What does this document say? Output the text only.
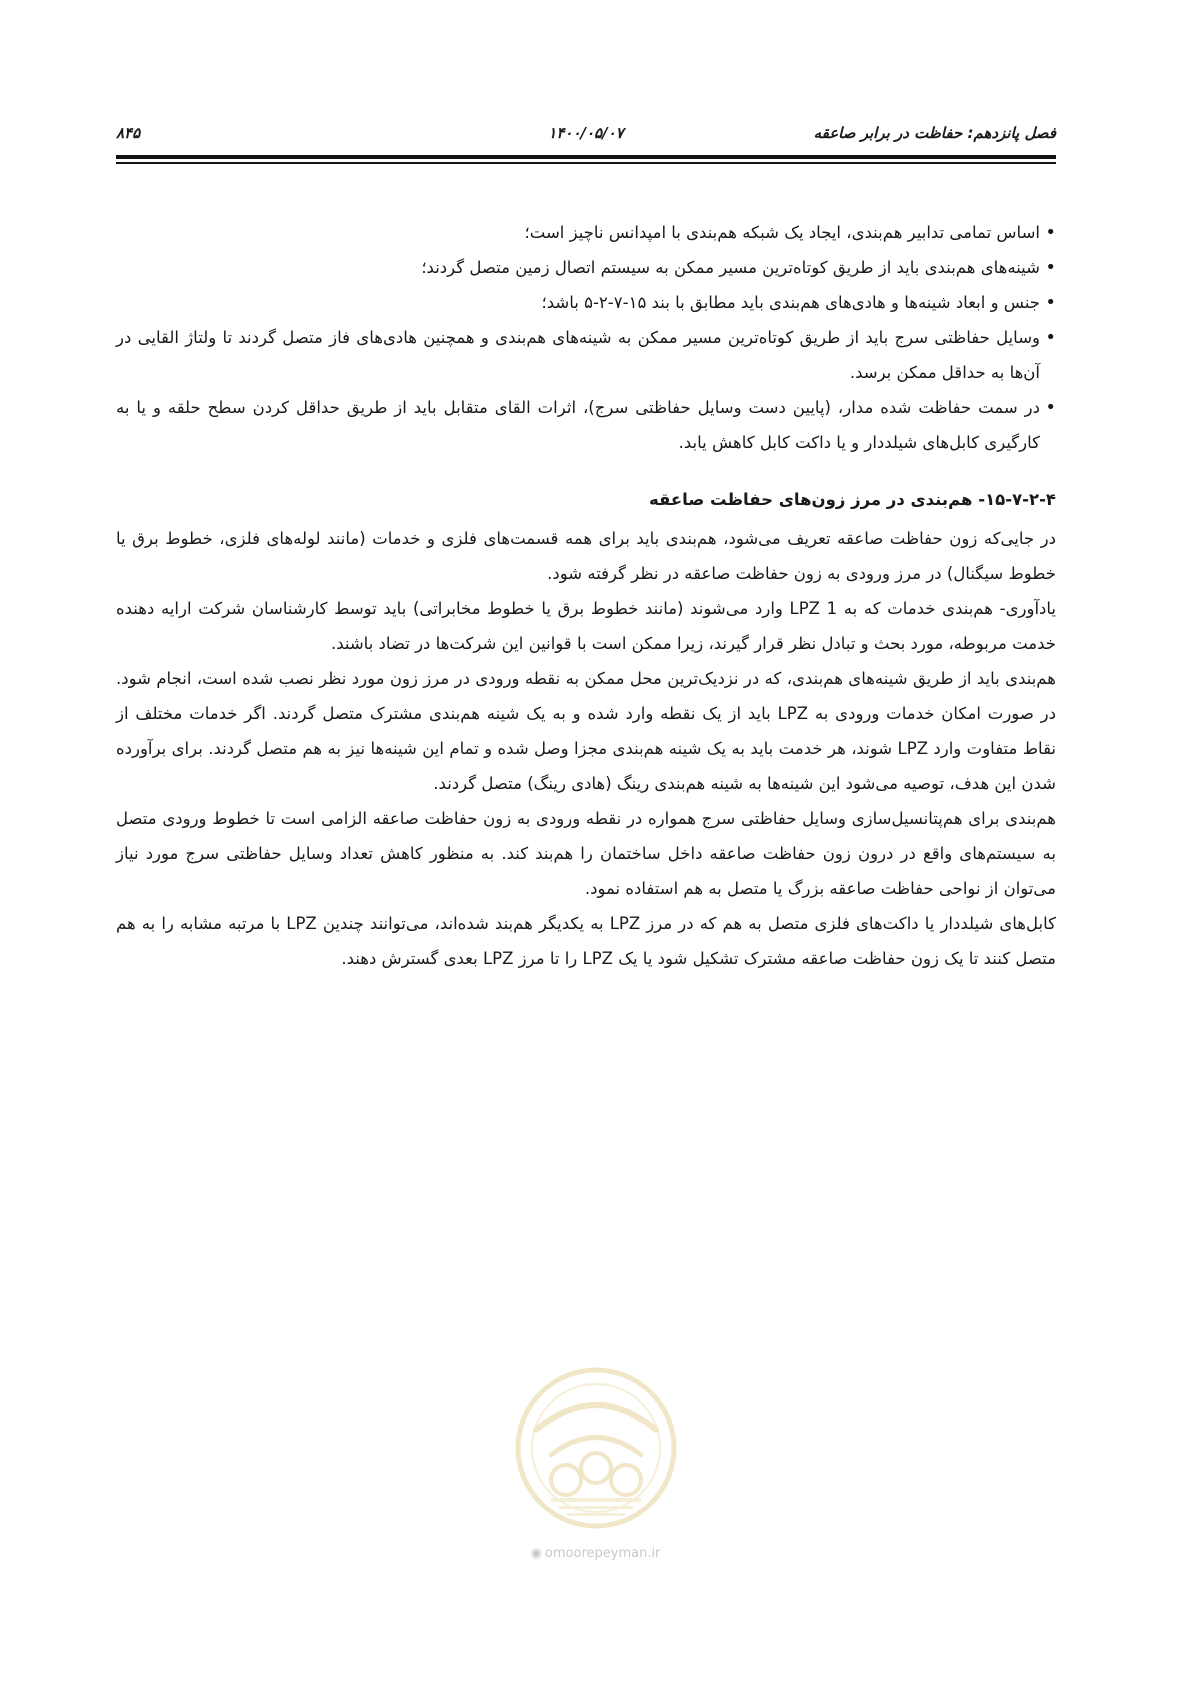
فصل پانزدهم: حفاظت در برابر صاعقه
۱۴۰۰/۰۵/۰۷
۸۴۵
• اساس تمامی تدابیر هم‌بندی، ایجاد یک شبکه هم‌بندی با امپدانس ناچیز است؛
• شینه‌های هم‌بندی باید از طریق کوتاه‌ترین مسیر ممکن به سیستم اتصال زمین متصل گردند؛
• جنس و ابعاد شینه‌ها و هادی‌های هم‌بندی باید مطابق با بند ۱۵-۷-۲-۵ باشد؛
• وسایل حفاظتی سرج باید از طریق کوتاه‌ترین مسیر ممکن به شینه‌های هم‌بندی و همچنین هادی‌های فاز متصل گردند تا ولتاژ القایی در آن‌ها به حداقل ممکن برسد.
• در سمت حفاظت شده مدار، (پایین دست وسایل حفاظتی سرج)، اثرات القای متقابل باید از طریق حداقل کردن سطح حلقه و یا به کارگیری کابل‌های شیلددار و یا داکت کابل کاهش یابد.
۱۵-۷-۲-۴- هم‌بندی در مرز زون‌های حفاظت صاعقه

در جایی‌که زون حفاظت صاعقه تعریف می‌شود، هم‌بندی باید برای همه قسمت‌های فلزی و خدمات (مانند لوله‌های فلزی، خطوط برق یا خطوط سیگنال) در مرز ورودی به زون حفاظت صاعقه در نظر گرفته شود.

یادآوری- هم‌بندی خدمات که به LPZ 1 وارد می‌شوند (مانند خطوط برق یا خطوط مخابراتی) باید توسط کارشناسان شرکت ارایه دهنده خدمت مربوطه، مورد بحث و تبادل نظر قرار گیرند، زیرا ممکن است با قوانین این شرکت‌ها در تضاد باشند.

هم‌بندی باید از طریق شینه‌های هم‌بندی، که در نزدیک‌ترین محل ممکن به نقطه ورودی در مرز زون مورد نظر نصب شده است، انجام شود. در صورت امکان خدمات ورودی به LPZ باید از یک نقطه وارد شده و به یک شینه هم‌بندی مشترک متصل گردند. اگر خدمات مختلف از نقاط متفاوت وارد LPZ شوند، هر خدمت باید به یک شینه هم‌بندی مجزا وصل شده و تمام این شینه‌ها نیز به هم متصل گردند. برای برآورده شدن این هدف، توصیه می‌شود این شینه‌ها به شینه هم‌بندی رینگ (هادی رینگ) متصل گردند.

هم‌بندی برای هم‌پتانسیل‌سازی وسایل حفاظتی سرج همواره در نقطه ورودی به زون حفاظت صاعقه الزامی است تا خطوط ورودی متصل به سیستم‌های واقع در درون زون حفاظت صاعقه داخل ساختمان را هم‌بند کند. به منظور کاهش تعداد وسایل حفاظتی سرج مورد نیاز می‌توان از نواحی حفاظت صاعقه بزرگ یا متصل به هم استفاده نمود.

کابل‌های شیلددار یا داکت‌های فلزی متصل به هم که در مرز LPZ به یکدیگر هم‌بند شده‌اند، می‌توانند چندین LPZ با مرتبه مشابه را به هم متصل کنند تا یک زون حفاظت صاعقه مشترک تشکیل شود یا یک LPZ را تا مرز LPZ بعدی گسترش دهند.

◉ omoorepeyman.ir
